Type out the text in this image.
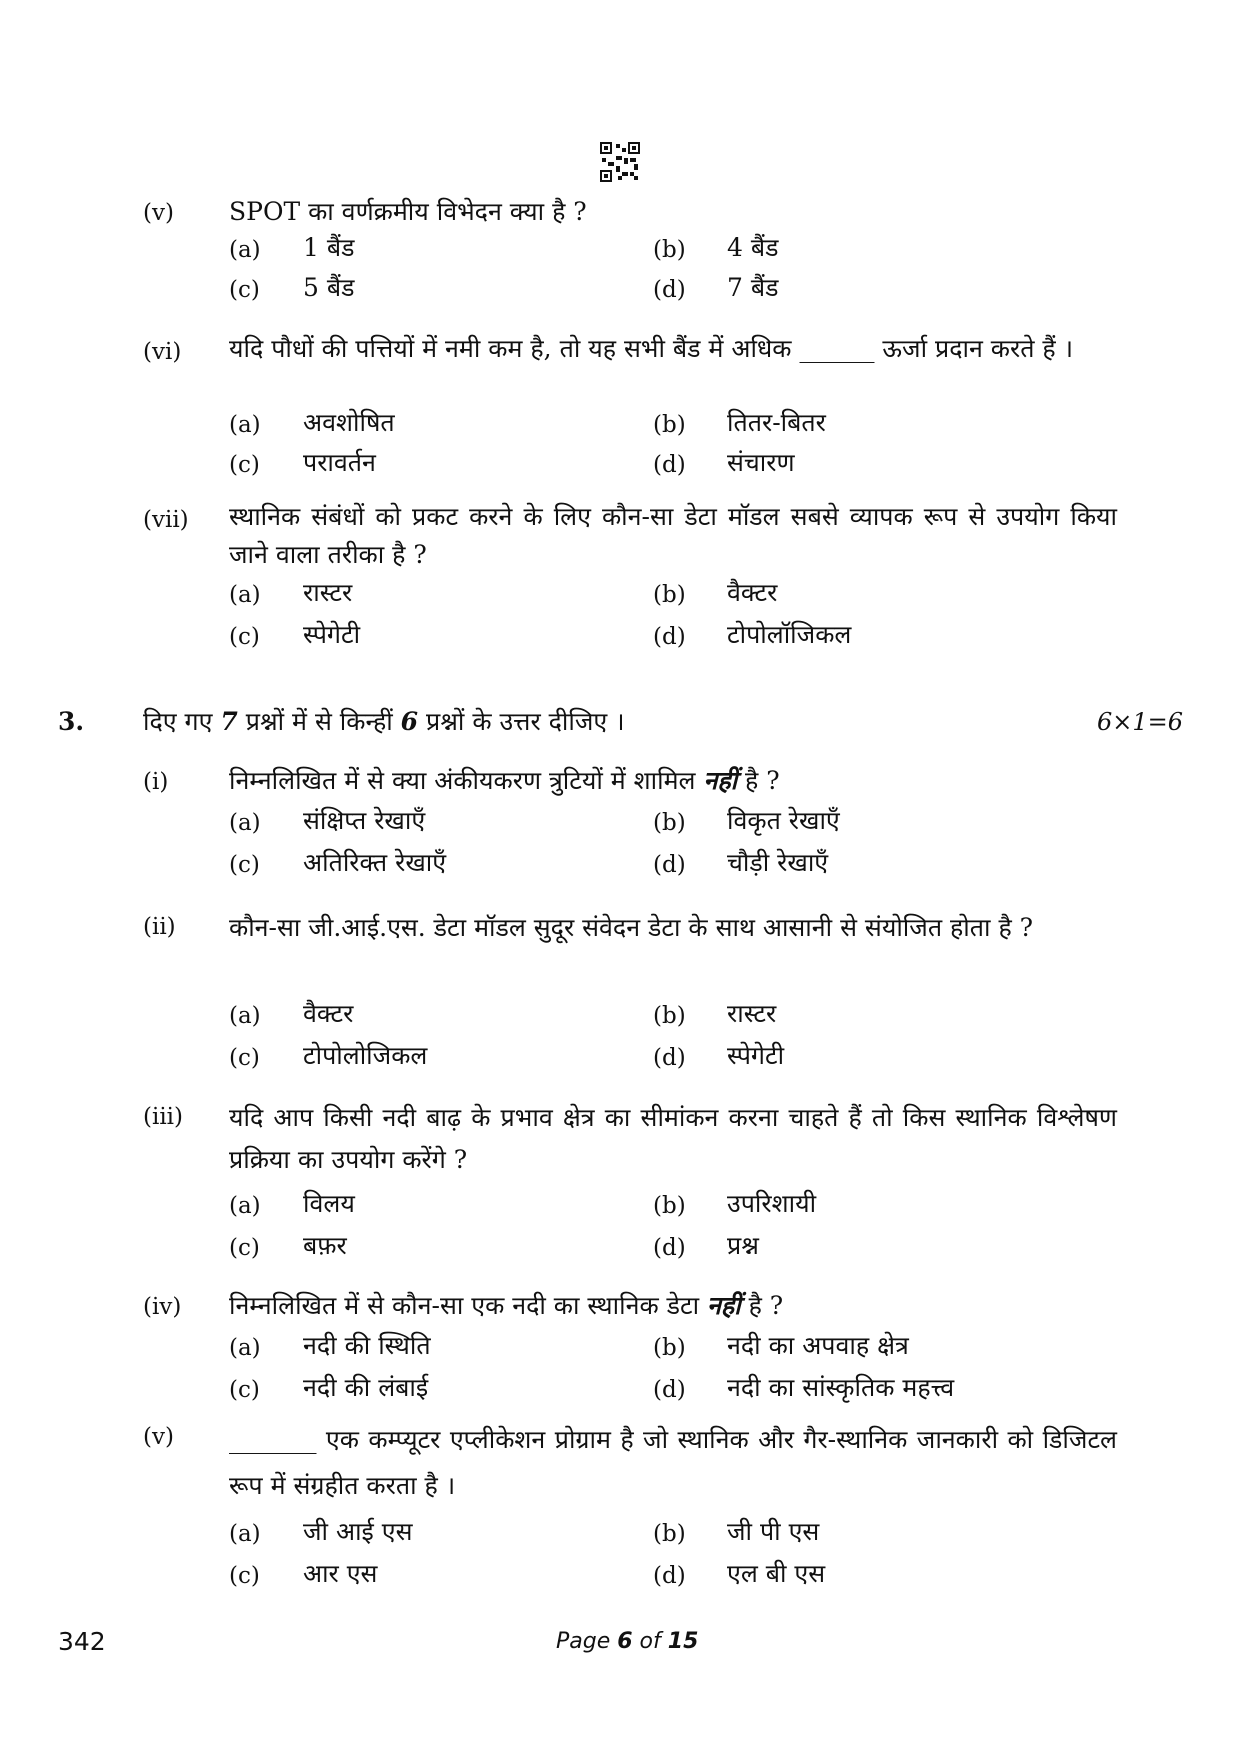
(v) SPOT का वर्णक्रमीय विभेदन क्या है ?
(a) 1 बैंड	(b) 4 बैंड
(c) 5 बैंड	(d) 7 बैंड
(vi) यदि पौधों की पत्तियों में नमी कम है, तो यह सभी बैंड में अधिक ______ ऊर्जा प्रदान करते हैं ।
(a) अवशोषित	(b) तितर-बितर
(c) परावर्तन	(d) संचारण
(vii) स्थानिक संबंधों को प्रकट करने के लिए कौन-सा डेटा मॉडल सबसे व्यापक रूप से उपयोग किया जाने वाला तरीका है ?
(a) रास्टर	(b) वैक्टर
(c) स्पेगेटी	(d) टोपोलॉजिकल
3. दिए गए 7 प्रश्नों में से किन्हीं 6 प्रश्नों के उत्तर दीजिए ।	6×1=6
(i) निम्नलिखित में से क्या अंकीयकरण त्रुटियों में शामिल नहीं है ?
(a) संक्षिप्त रेखाएँ	(b) विकृत रेखाएँ
(c) अतिरिक्त रेखाएँ	(d) चौड़ी रेखाएँ
(ii) कौन-सा जी.आई.एस. डेटा मॉडल सुदूर संवेदन डेटा के साथ आसानी से संयोजित होता है ?
(a) वैक्टर	(b) रास्टर
(c) टोपोलोजिकल	(d) स्पेगेटी
(iii) यदि आप किसी नदी बाढ़ के प्रभाव क्षेत्र का सीमांकन करना चाहते हैं तो किस स्थानिक विश्लेषण प्रक्रिया का उपयोग करेंगे ?
(a) विलय	(b) उपरिशायी
(c) बफ़र	(d) प्रश्न
(iv) निम्नलिखित में से कौन-सा एक नदी का स्थानिक डेटा नहीं है ?
(a) नदी की स्थिति	(b) नदी का अपवाह क्षेत्र
(c) नदी की लंबाई	(d) नदी का सांस्कृतिक महत्त्व
(v) _______ एक कम्प्यूटर एप्लीकेशन प्रोग्राम है जो स्थानिक और गैर-स्थानिक जानकारी को डिजिटल रूप में संग्रहीत करता है ।
(a) जी आई एस	(b) जी पी एस
(c) आर एस	(d) एल बी एस
342	Page 6 of 15
